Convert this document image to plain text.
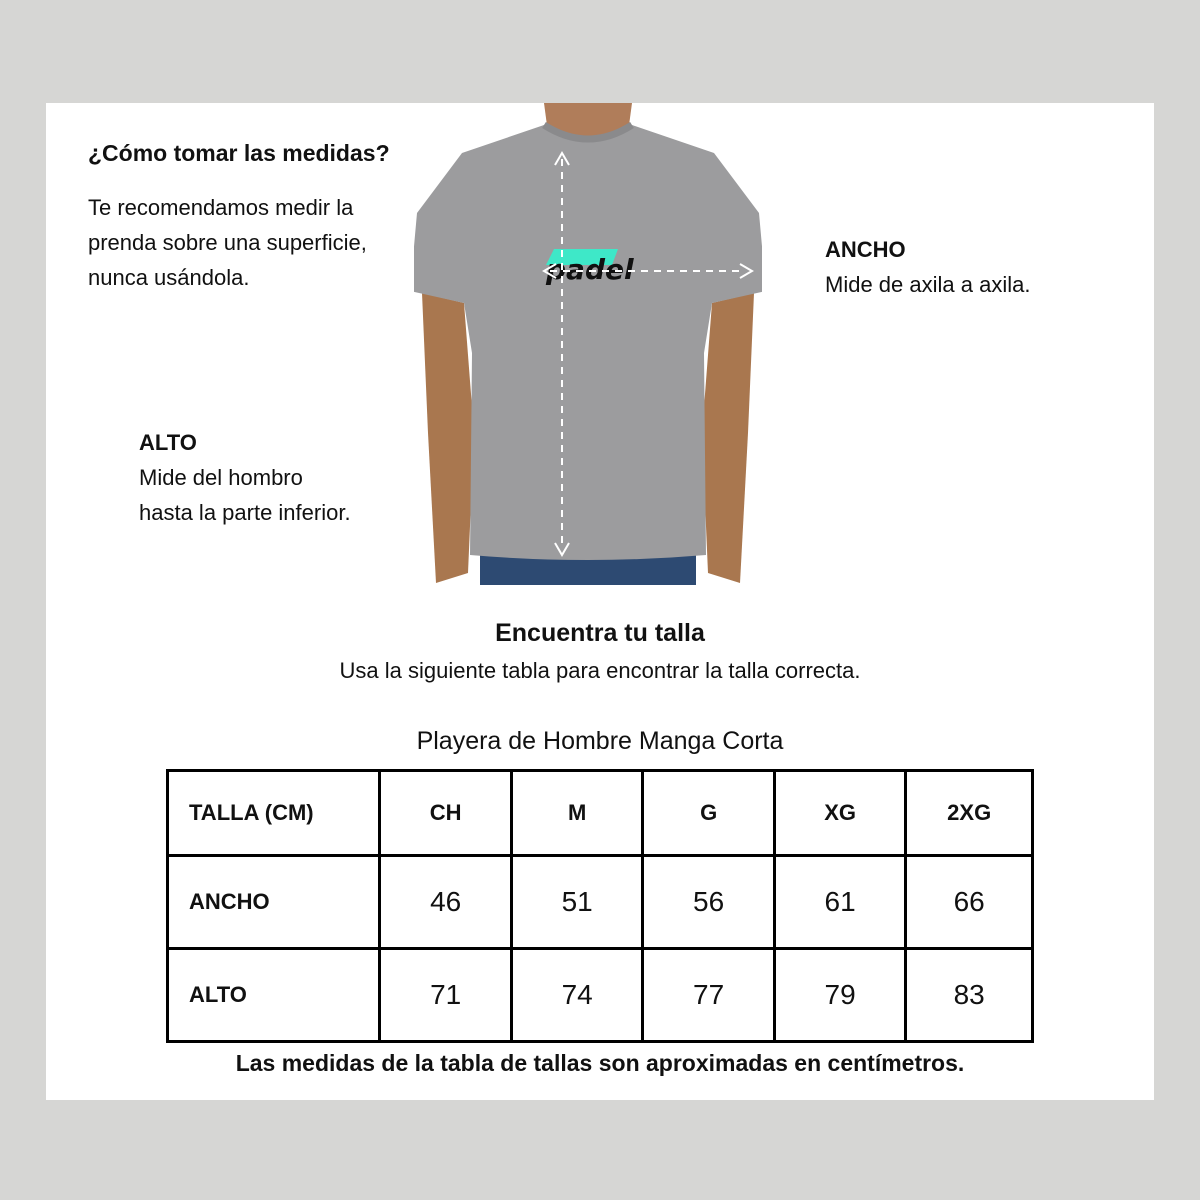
¿Cómo tomar las medidas?
Te recomendamos medir la
prenda sobre una superficie,
nunca usándola.	padel
ANCHO
Mide de axila a axila.
ALTO
Mide del hombro
hasta la parte inferior.
Encuentra tu talla
Usa la siguiente tabla para encontrar la talla correcta.
Playera de Hombre Manga Corta
TALLA (CM)	CH	M	G	XG	2XG
ANCHO	46	51	56	61	66
ALTO	71	74	77	79	83
Las medidas de la tabla de tallas son aproximadas en centímetros.
